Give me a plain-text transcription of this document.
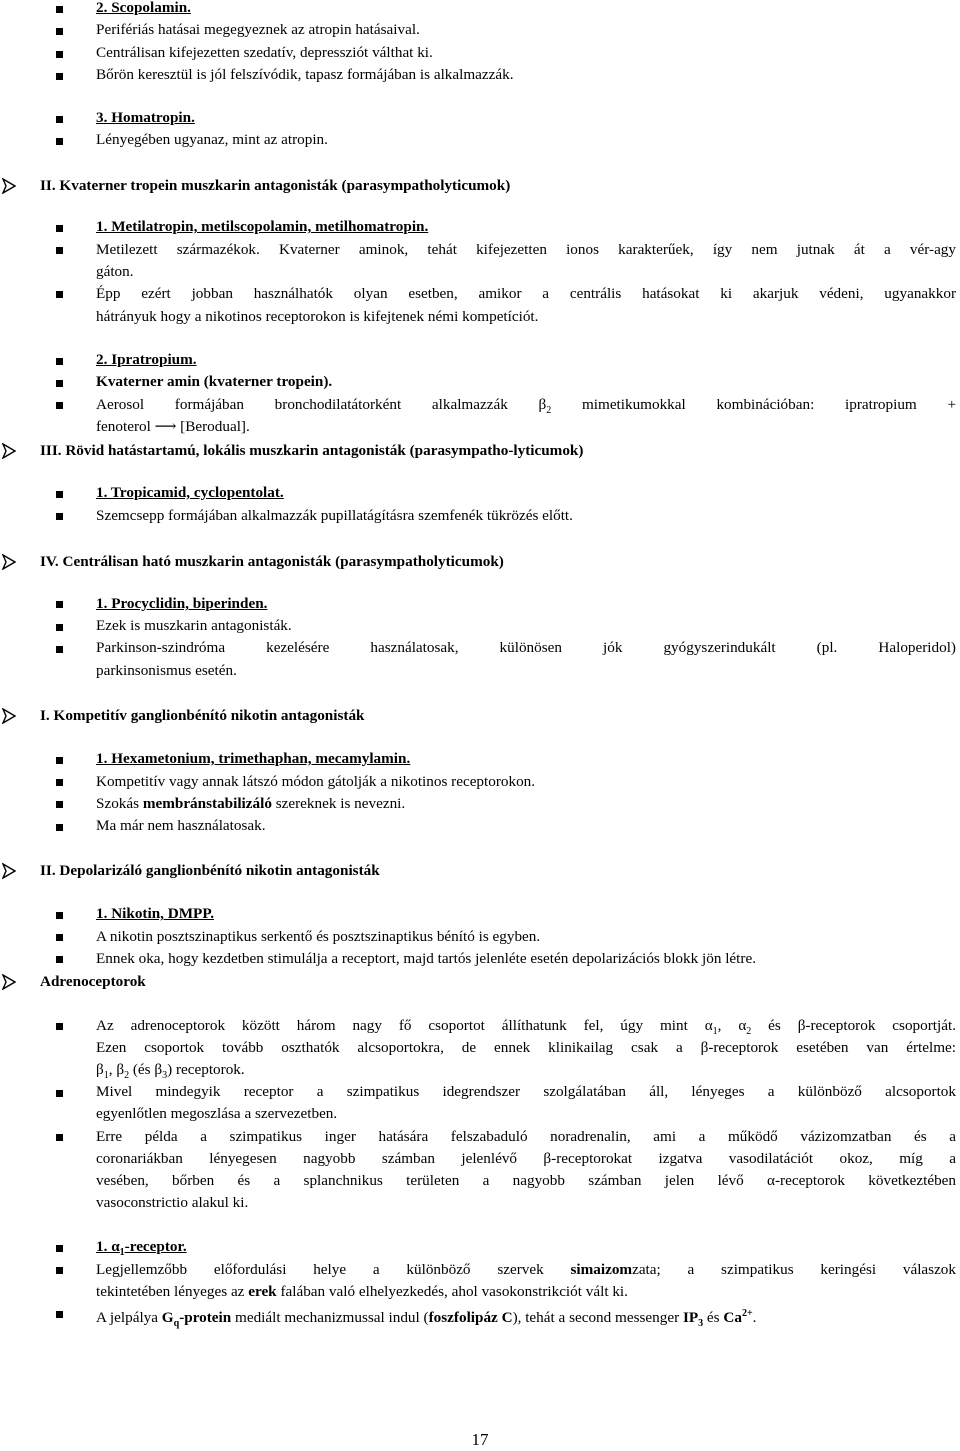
2. Scopolamin.
Perifériás hatásai megegyeznek az atropin hatásaival.
Centrálisan kifejezetten szedatív, depressziót válthat ki.
Bőrön keresztül is jól felszívódik, tapasz formájában is alkalmazzák.
3. Homatropin.
Lényegében ugyanaz, mint az atropin.
II. Kvaterner tropein muszkarin antagonisták (parasympatholyticumok)
1. Metilatropin, metilscopolamin, metilhomatropin.
Metilezett származékok. Kvaterner aminok, tehát kifejezetten ionos karakterűek, így nem jutnak át a vér-agy
gáton.
Épp ezért jobban használhatók olyan esetben, amikor a centrális hatásokat ki akarjuk védeni, ugyanakkor
hátrányuk hogy a nikotinos receptorokon is kifejtenek némi kompetíciót.
2. Ipratropium.
Kvaterner amin (kvaterner tropein).
Aerosol formájában bronchodilatátorként alkalmazzák $\beta_2$ mimetikumokkal kombinációban: ipratropium +
fenoterol ⟶ [Berodual].
III. Rövid hatástartamú, lokális muszkarin antagonisták (parasympatho-lyticumok)
1. Tropicamid, cyclopentolat.
Szemcsepp formájában alkalmazzák pupillatágításra szemfenék tükrözés előtt.
IV. Centrálisan ható muszkarin antagonisták (parasympatholyticumok)
1. Procyclidin, biperinden.
Ezek is muszkarin antagonisták.
Parkinson-szindróma kezelésére használatosak, különösen jók gyógyszerindukált (pl. Haloperidol)
parkinsonismus esetén.
I. Kompetitív ganglionbénító nikotin antagonisták
1. Hexametonium, trimethaphan, mecamylamin.
Kompetitív vagy annak látszó módon gátolják a nikotinos receptorokon.
Szokás membránstabilizáló szereknek is nevezni.
Ma már nem használatosak.
II. Depolarizáló ganglionbénító nikotin antagonisták
1. Nikotin, DMPP.
A nikotin posztszinaptikus serkentő és posztszinaptikus bénító is egyben.
Ennek oka, hogy kezdetben stimulálja a receptort, majd tartós jelenléte esetén depolarizációs blokk jön létre.
Adrenoceptorok
Az adrenoceptorok között három nagy fő csoportot állíthatunk fel, úgy mint $\alpha_1$, $\alpha_2$ és β-receptorok csoportját.
Ezen csoportok tovább oszthatók alcsoportokra, de ennek klinikailag csak a β-receptorok esetében van értelme:
$\beta_1$, $\beta_2$ (és $\beta_3$) receptorok.
Mivel mindegyik receptor a szimpatikus idegrendszer szolgálatában áll, lényeges a különböző alcsoportok
egyenlőtlen megoszlása a szervezetben.
Erre példa a szimpatikus inger hatására felszabaduló noradrenalin, ami a működő vázizomzatban és a
coronariákban lényegesen nagyobb számban jelenlévő β-receptorokat izgatva vasodilatációt okoz, míg a
vesében, bőrben és a splanchnikus területen a nagyobb számban jelen lévő α-receptorok következtében
vasoconstrictio alakul ki.
1. $\alpha_1$-receptor.
Legjellemzőbb előfordulási helye a különböző szervek simaizomzata; a szimpatikus keringési válaszok
tekintetében lényeges az erek falában való elhelyezkedés, ahol vasokonstrikciót vált ki.
A jelpálya $G_q$-protein mediált mechanizmussal indul (foszfolipáz C), tehát a second messenger $IP_3$ és $Ca^{2+}$.
17
